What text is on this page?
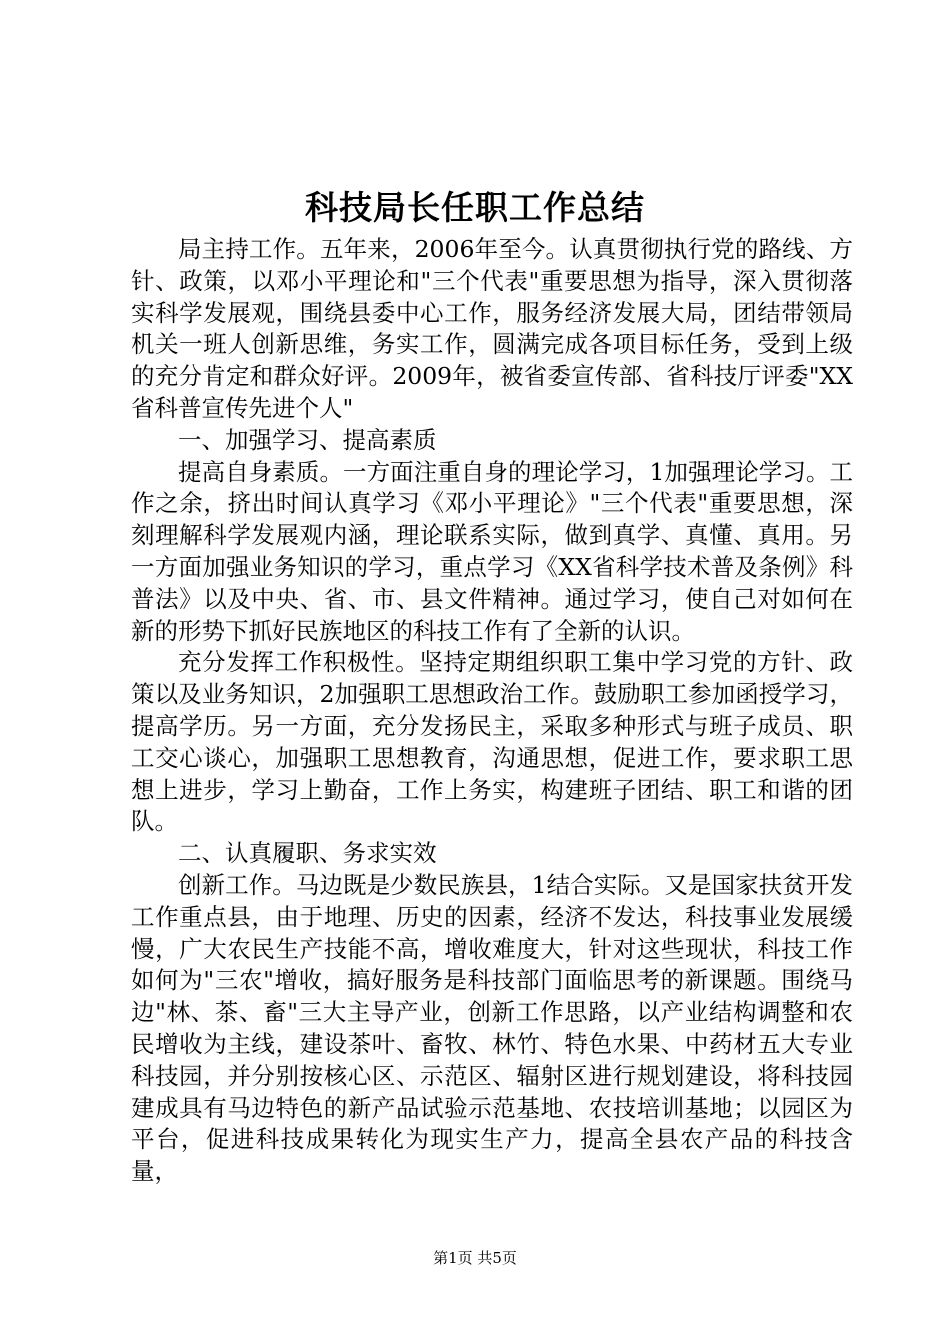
科技局长任职工作总结

局主持工作。五年来，2006年至今。认真贯彻执行党的路线、方针、政策，以邓小平理论和"三个代表"重要思想为指导，深入贯彻落实科学发展观，围绕县委中心工作，服务经济发展大局，团结带领局机关一班人创新思维，务实工作，圆满完成各项目标任务，受到上级的充分肯定和群众好评。2009年，被省委宣传部、省科技厅评委"XX省科普宣传先进个人"

一、加强学习、提高素质

提高自身素质。一方面注重自身的理论学习，1加强理论学习。工作之余，挤出时间认真学习《邓小平理论》"三个代表"重要思想，深刻理解科学发展观内涵，理论联系实际，做到真学、真懂、真用。另一方面加强业务知识的学习，重点学习《XX省科学技术普及条例》科普法》以及中央、省、市、县文件精神。通过学习，使自己对如何在新的形势下抓好民族地区的科技工作有了全新的认识。

充分发挥工作积极性。坚持定期组织职工集中学习党的方针、政策以及业务知识，2加强职工思想政治工作。鼓励职工参加函授学习，提高学历。另一方面，充分发扬民主，采取多种形式与班子成员、职工交心谈心，加强职工思想教育，沟通思想，促进工作，要求职工思想上进步，学习上勤奋，工作上务实，构建班子团结、职工和谐的团队。

二、认真履职、务求实效

创新工作。马边既是少数民族县，1结合实际。又是国家扶贫开发工作重点县，由于地理、历史的因素，经济不发达，科技事业发展缓慢，广大农民生产技能不高，增收难度大，针对这些现状，科技工作如何为"三农"增收，搞好服务是科技部门面临思考的新课题。围绕马边"林、茶、畜"三大主导产业，创新工作思路，以产业结构调整和农民增收为主线，建设茶叶、畜牧、林竹、特色水果、中药材五大专业科技园，并分别按核心区、示范区、辐射区进行规划建设，将科技园建成具有马边特色的新产品试验示范基地、农技培训基地；以园区为平台，促进科技成果转化为现实生产力，提高全县农产品的科技含量，

第1页 共5页
